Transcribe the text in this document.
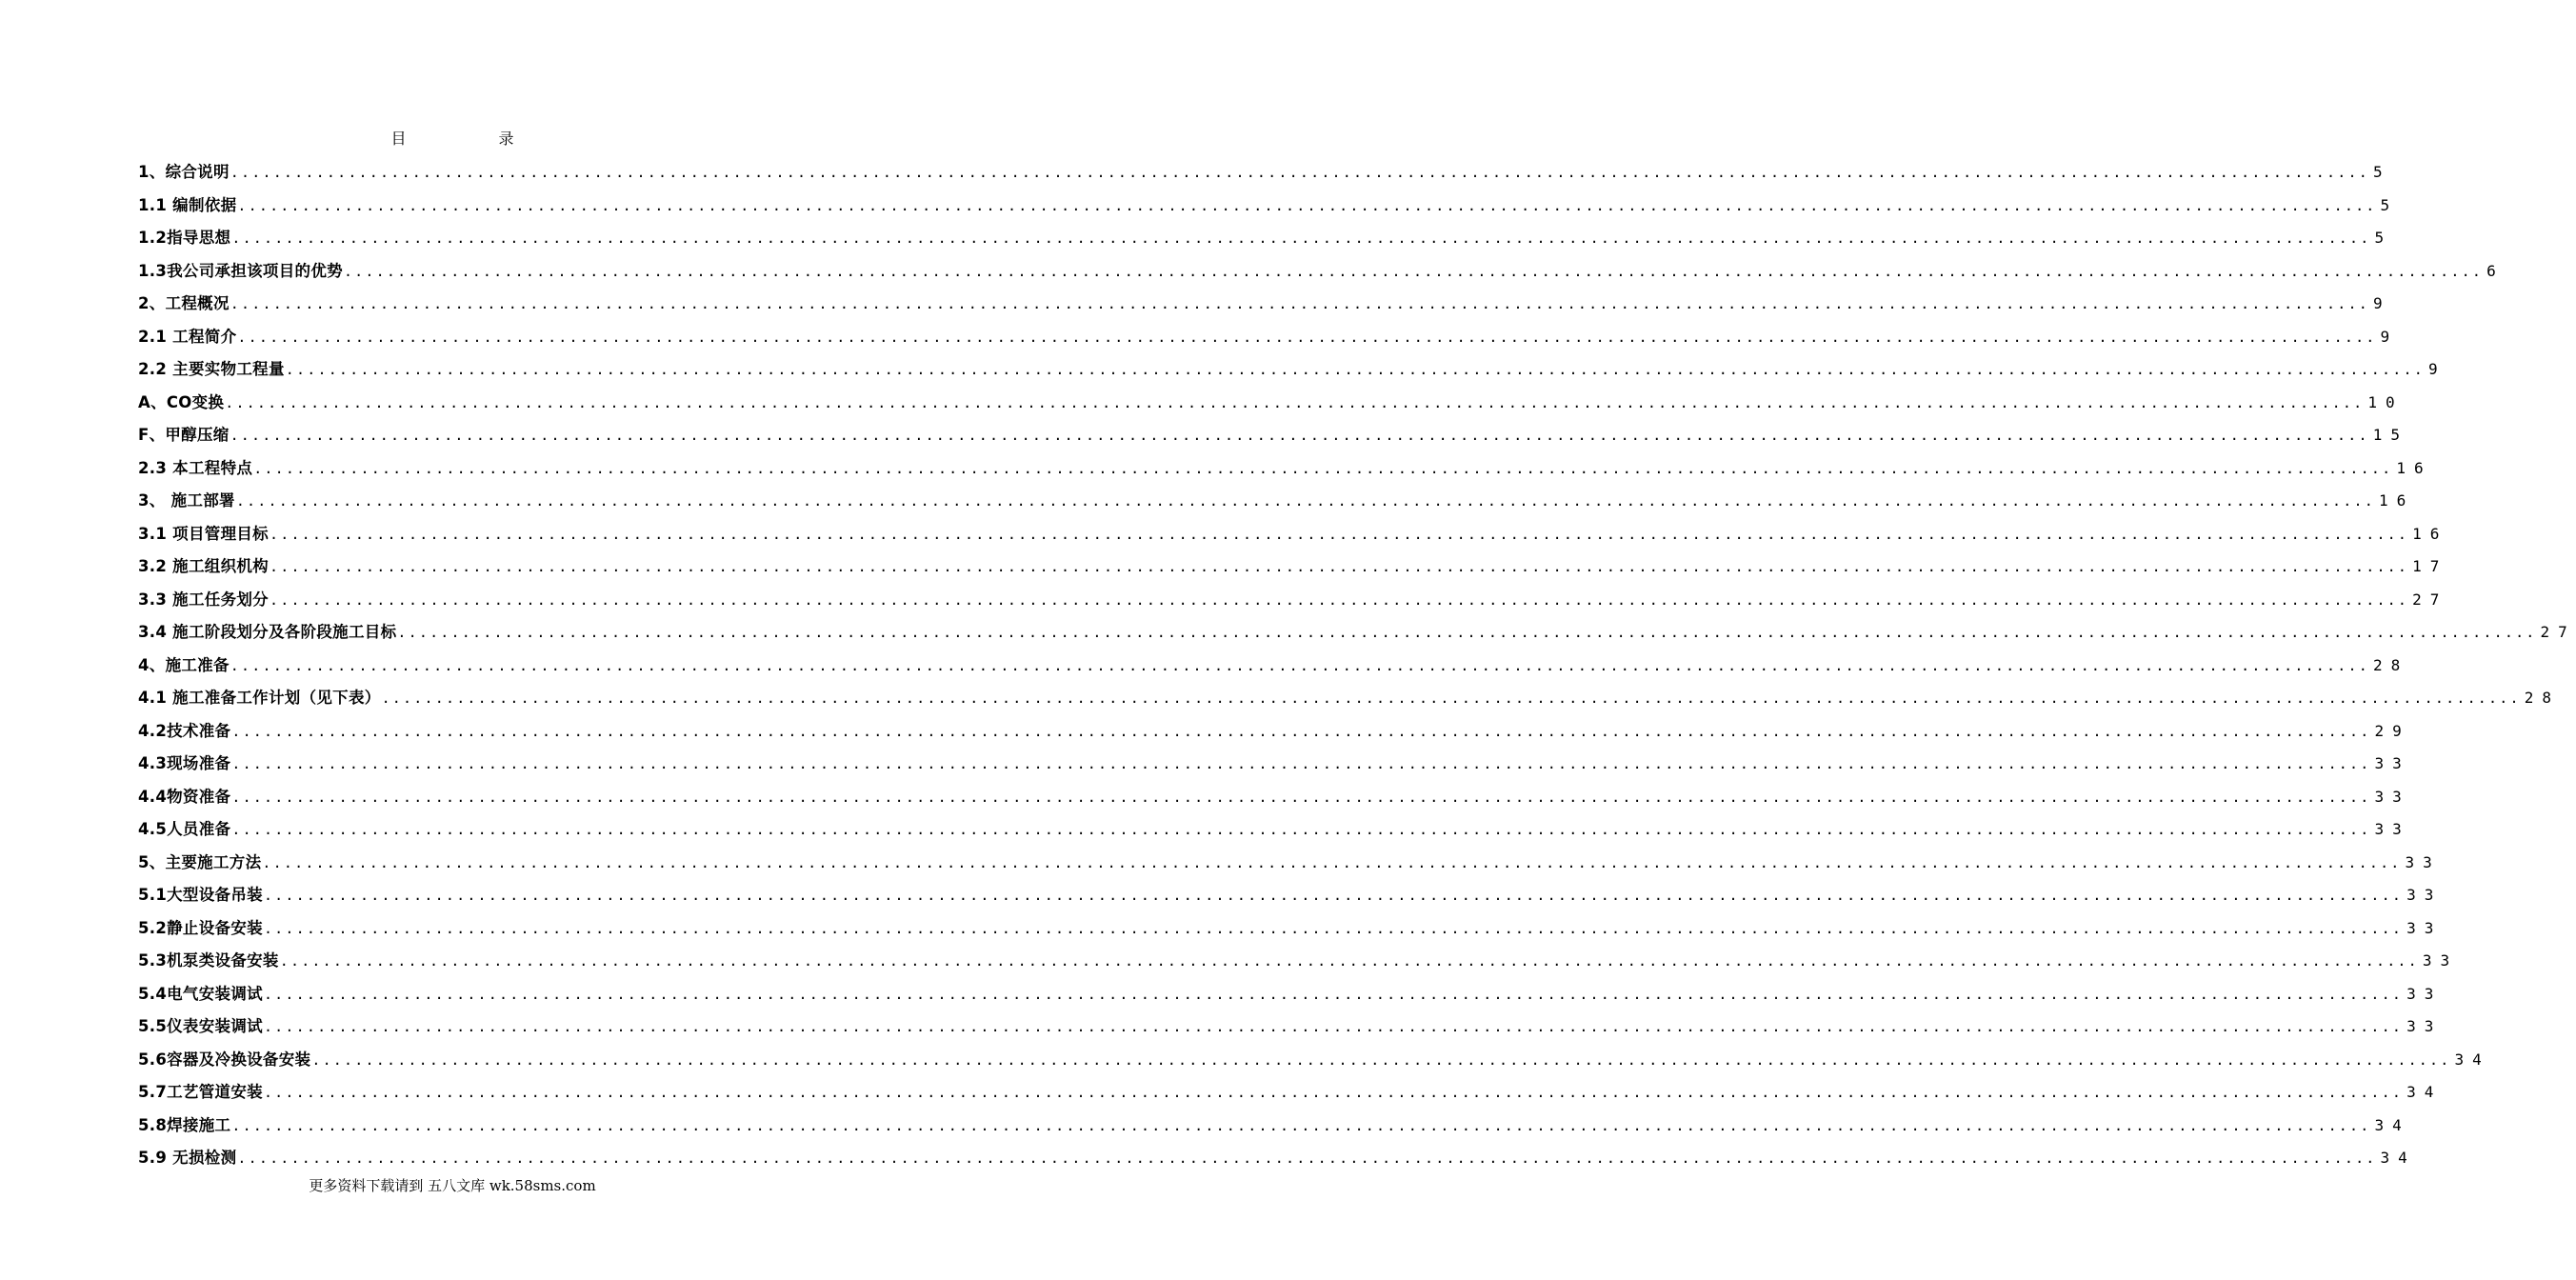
目 录
1、综合说明 ........................................................................................................................................................................................................ 5
1.1 编制依据 ........................................................................................................................................................................................................ 5
1.2指导思想 ........................................................................................................................................................................................................ 5
1.3我公司承担该项目的优势 ........................................................................................................................................................................................................ 6
2、工程概况 ........................................................................................................................................................................................................ 9
2.1 工程简介 ........................................................................................................................................................................................................ 9
2.2 主要实物工程量 ........................................................................................................................................................................................................ 9
A、CO变换 ........................................................................................................................................................................................................ 10
F、甲醇压缩 ........................................................................................................................................................................................................ 15
2.3 本工程特点 ........................................................................................................................................................................................................ 16
3、 施工部署 ........................................................................................................................................................................................................ 16
3.1 项目管理目标 ........................................................................................................................................................................................................ 16
3.2 施工组织机构 ........................................................................................................................................................................................................ 17
3.3 施工任务划分 ........................................................................................................................................................................................................ 27
3.4 施工阶段划分及各阶段施工目标 ........................................................................................................................................................................................................ 27
4、施工准备 ........................................................................................................................................................................................................ 28
4.1 施工准备工作计划（见下表） ........................................................................................................................................................................................................ 28
4.2技术准备 ........................................................................................................................................................................................................ 29
4.3现场准备 ........................................................................................................................................................................................................ 33
4.4物资准备 ........................................................................................................................................................................................................ 33
4.5人员准备 ........................................................................................................................................................................................................ 33
5、主要施工方法 ........................................................................................................................................................................................................ 33
5.1大型设备吊装 ........................................................................................................................................................................................................ 33
5.2静止设备安装 ........................................................................................................................................................................................................ 33
5.3机泵类设备安装 ........................................................................................................................................................................................................ 33
5.4电气安装调试 ........................................................................................................................................................................................................ 33
5.5仪表安装调试 ........................................................................................................................................................................................................ 33
5.6容器及冷换设备安装 ........................................................................................................................................................................................................ 34
5.7工艺管道安装 ........................................................................................................................................................................................................ 34
5.8焊接施工 ........................................................................................................................................................................................................ 34
5.9 无损检测 ........................................................................................................................................................................................................ 34
更多资料下载请到 五八文库 wk.58sms.com
